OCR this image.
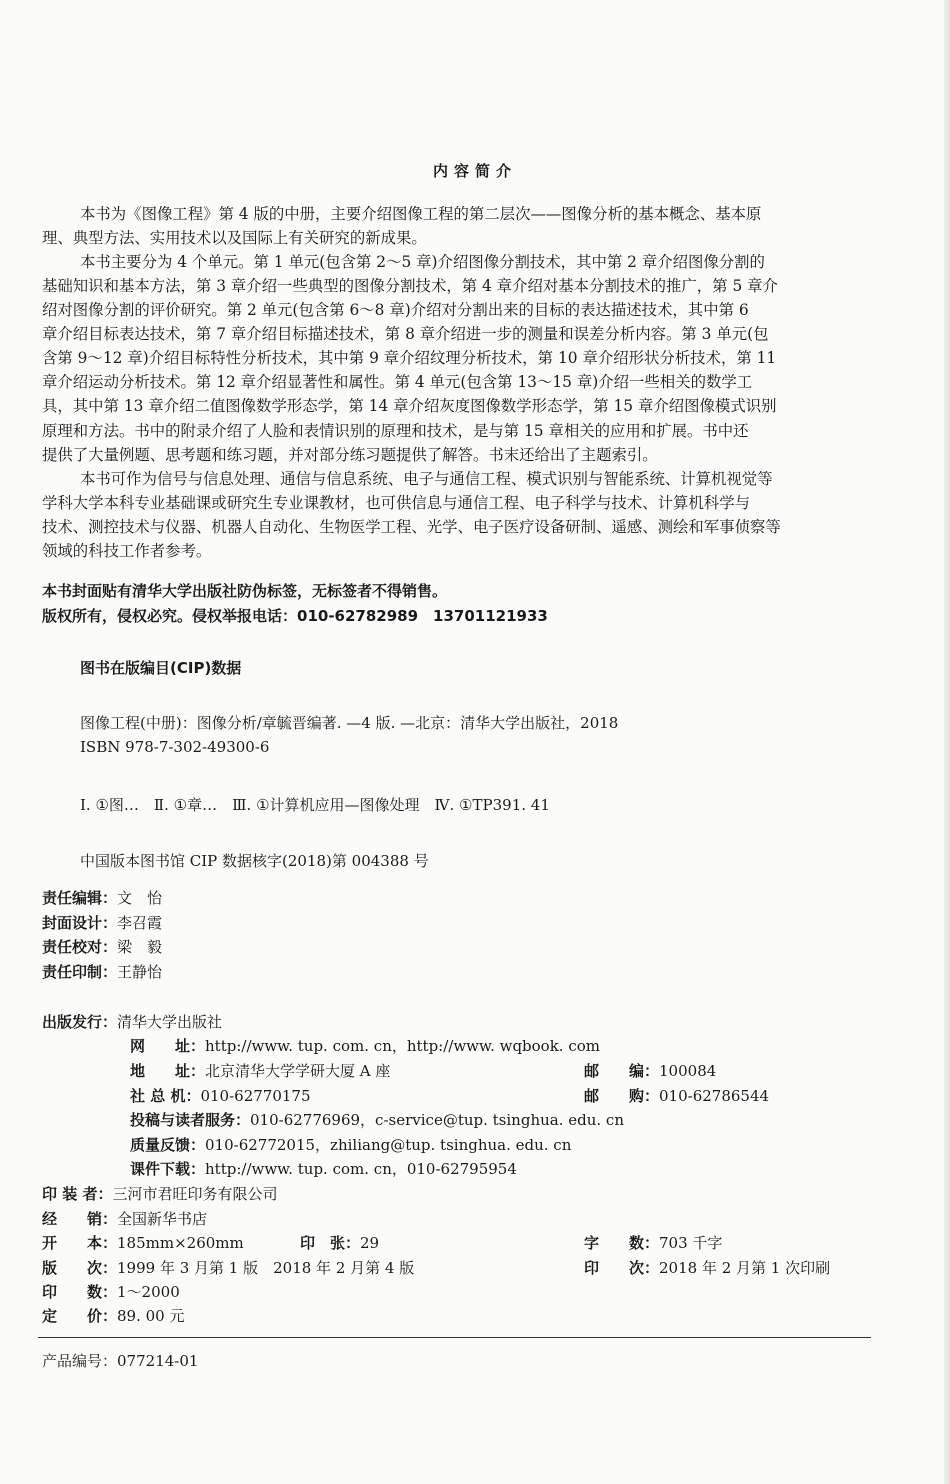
内容简介
本书为《图像工程》第 4 版的中册，主要介绍图像工程的第二层次——图像分析的基本概念、基本原
理、典型方法、实用技术以及国际上有关研究的新成果。
本书主要分为 4 个单元。第 1 单元(包含第 2～5 章)介绍图像分割技术，其中第 2 章介绍图像分割的
基础知识和基本方法，第 3 章介绍一些典型的图像分割技术，第 4 章介绍对基本分割技术的推广，第 5 章介
绍对图像分割的评价研究。第 2 单元(包含第 6～8 章)介绍对分割出来的目标的表达描述技术，其中第 6
章介绍目标表达技术，第 7 章介绍目标描述技术，第 8 章介绍进一步的测量和误差分析内容。第 3 单元(包
含第 9～12 章)介绍目标特性分析技术，其中第 9 章介绍纹理分析技术，第 10 章介绍形状分析技术，第 11
章介绍运动分析技术。第 12 章介绍显著性和属性。第 4 单元(包含第 13～15 章)介绍一些相关的数学工
具，其中第 13 章介绍二值图像数学形态学，第 14 章介绍灰度图像数学形态学，第 15 章介绍图像模式识别
原理和方法。书中的附录介绍了人脸和表情识别的原理和技术，是与第 15 章相关的应用和扩展。书中还
提供了大量例题、思考题和练习题，并对部分练习题提供了解答。书末还给出了主题索引。
本书可作为信号与信息处理、通信与信息系统、电子与通信工程、模式识别与智能系统、计算机视觉等
学科大学本科专业基础课或研究生专业课教材，也可供信息与通信工程、电子科学与技术、计算机科学与
技术、测控技术与仪器、机器人自动化、生物医学工程、光学、电子医疗设备研制、遥感、测绘和军事侦察等
领域的科技工作者参考。
本书封面贴有清华大学出版社防伪标签，无标签者不得销售。
版权所有，侵权必究。侵权举报电话：010-62782989　13701121933
图书在版编目(CIP)数据
图像工程(中册)：图像分析/章毓晋编著. —4 版. —北京：清华大学出版社，2018
ISBN 978-7-302-49300-6
Ⅰ. ①图…　Ⅱ. ①章…　Ⅲ. ①计算机应用—图像处理　Ⅳ. ①TP391. 41
中国版本图书馆 CIP 数据核字(2018)第 004388 号
责任编辑：文　怡
封面设计：李召霞
责任校对：梁　毅
责任印制：王静怡
出版发行：清华大学出版社
网　　址：http://www. tup. com. cn，http://www. wqbook. com
地　　址：北京清华大学学研大厦 A 座	邮　　编：100084
社 总 机：010-62770175	邮　　购：010-62786544
投稿与读者服务：010-62776969，c-service@tup. tsinghua. edu. cn
质量反馈：010-62772015，zhiliang@tup. tsinghua. edu. cn
课件下载：http://www. tup. com. cn，010-62795954
印 装 者：三河市君旺印务有限公司
经　　销：全国新华书店
开　　本：185mm×260mm	印　张：29	字　　数：703 千字
版　　次：1999 年 3 月第 1 版　2018 年 2 月第 4 版	印　　次：2018 年 2 月第 1 次印刷
印　　数：1～2000
定　　价：89. 00 元
产品编号：077214-01
